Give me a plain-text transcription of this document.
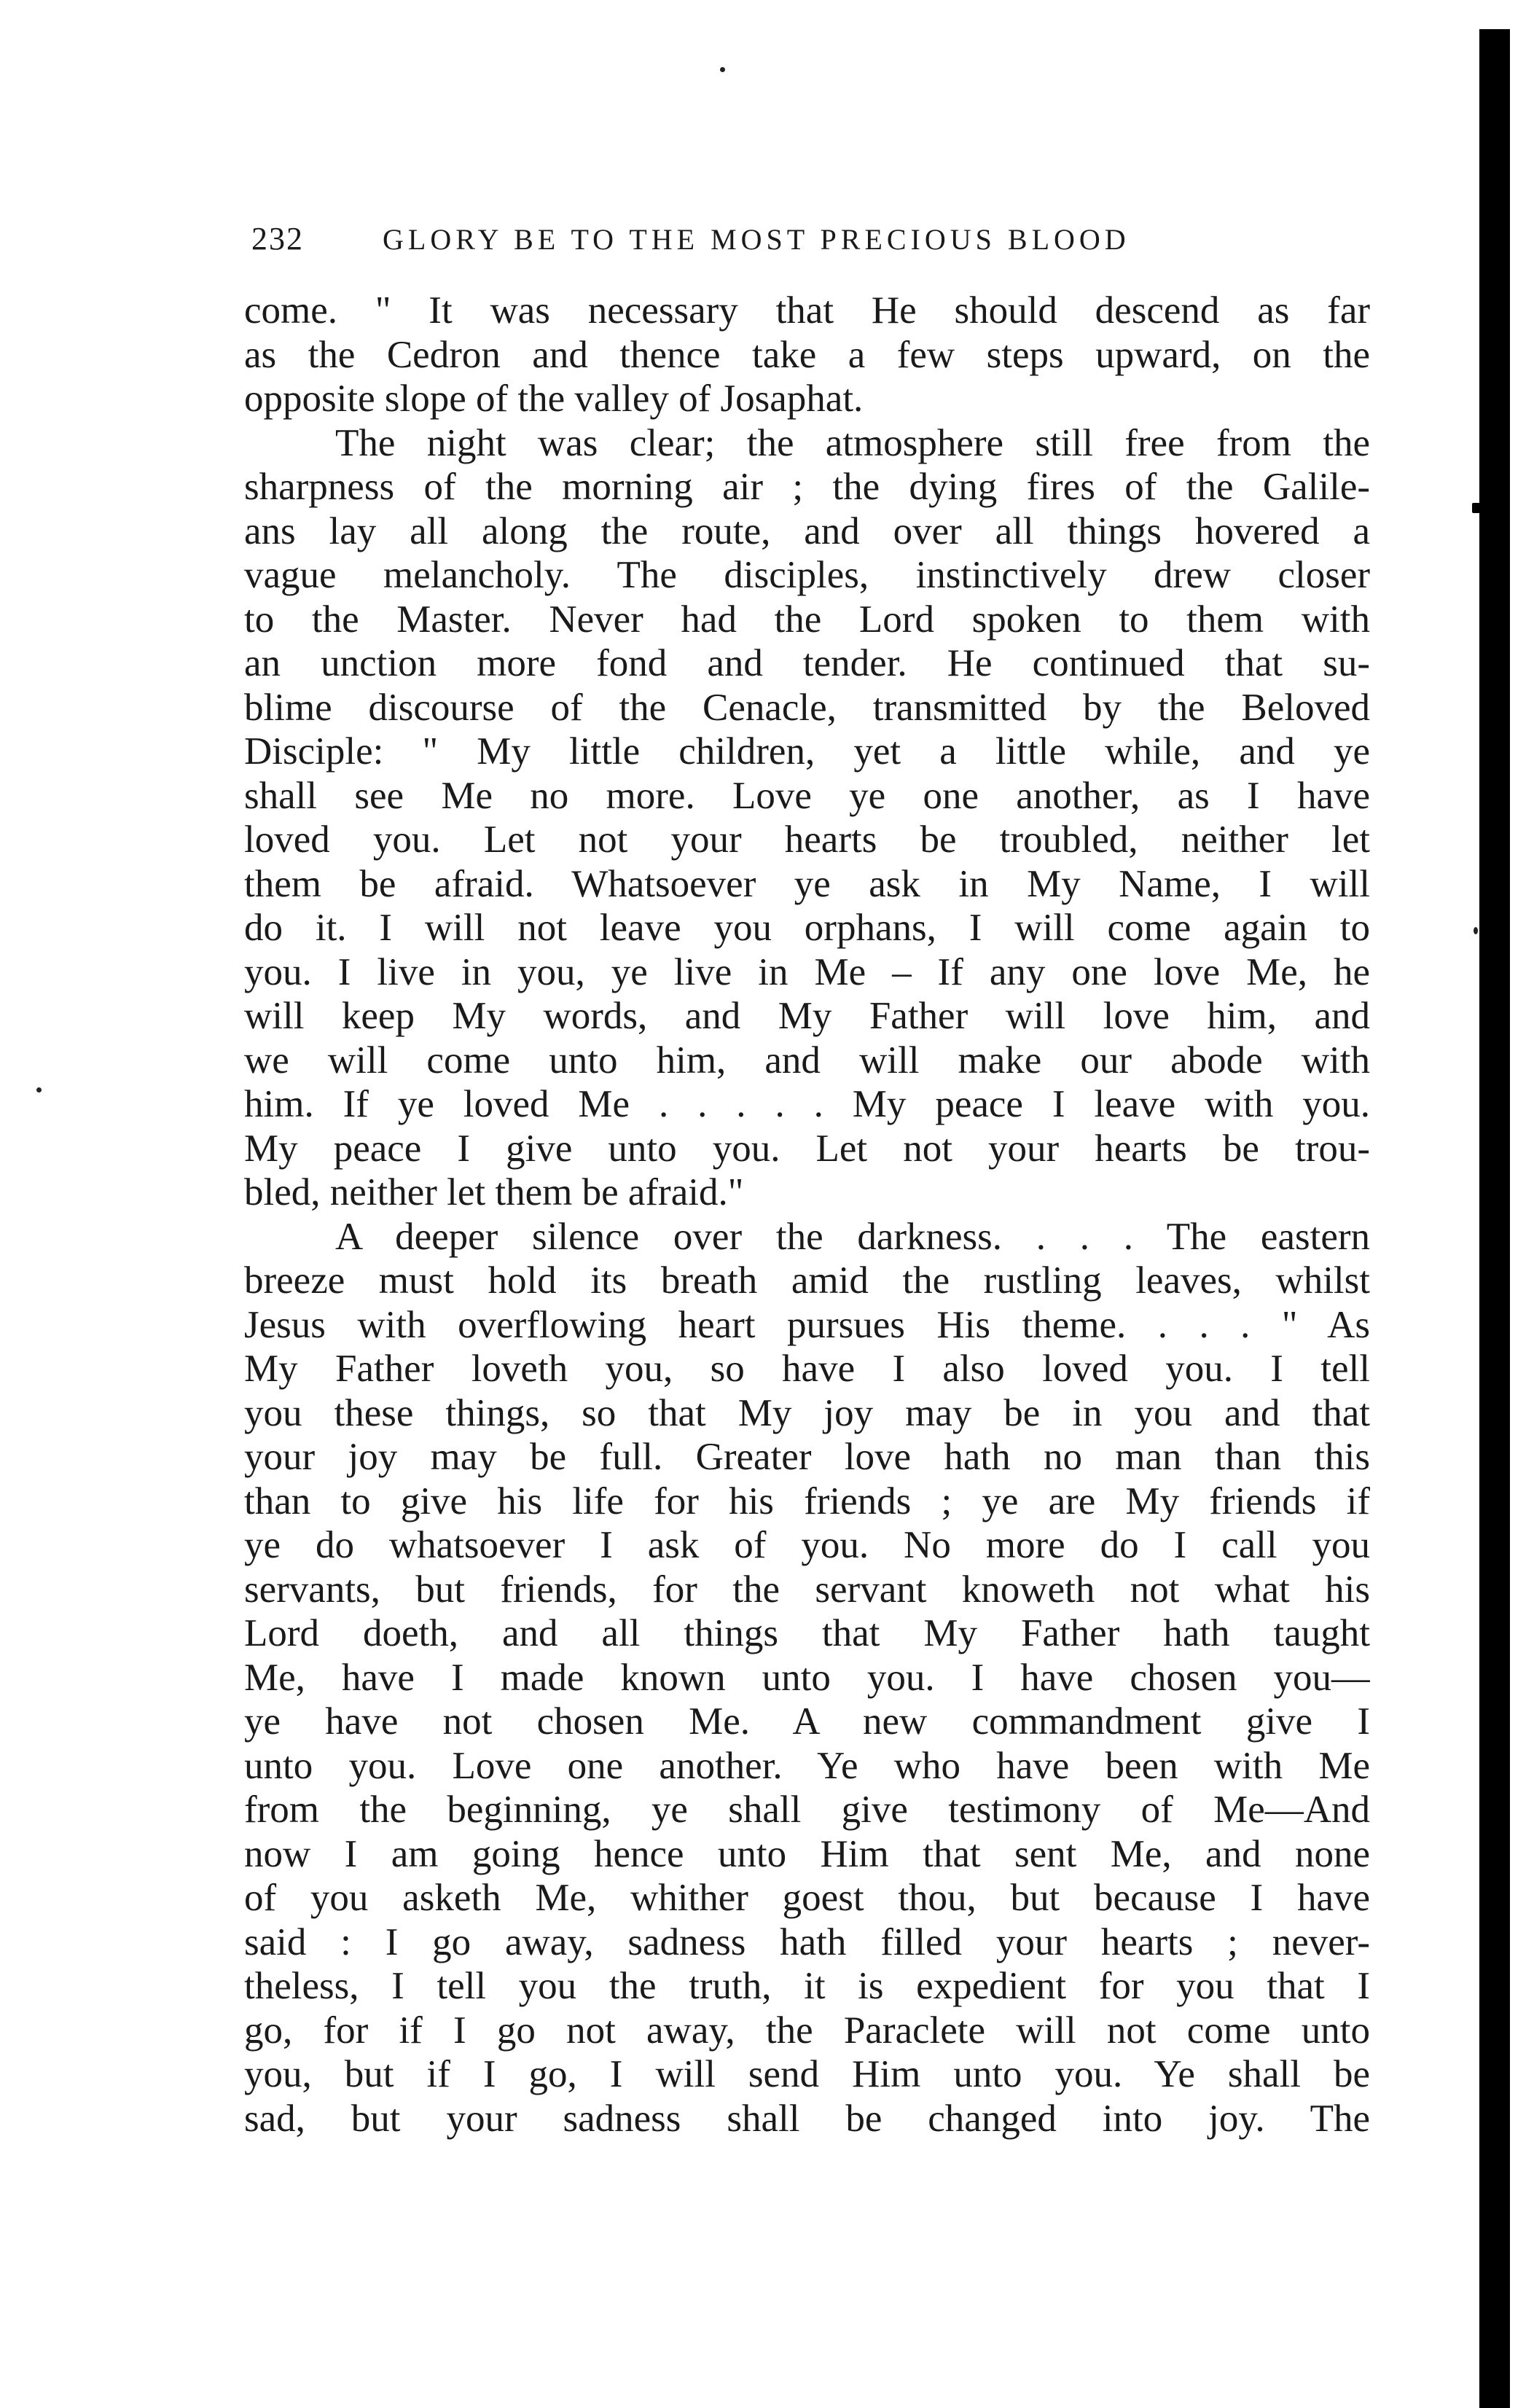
232	GLORY BE TO THE MOST PRECIOUS BLOOD
come. " It was necessary that He should descend as far
as the Cedron and thence take a few steps upward, on the
opposite slope of the valley of Josaphat.
The night was clear; the atmosphere still free from the
sharpness of the morning air ; the dying fires of the Galile-
ans lay all along the route, and over all things hovered a
vague melancholy. The disciples, instinctively drew closer
to the Master. Never had the Lord spoken to them with
an unction more fond and tender. He continued that su-
blime discourse of the Cenacle, transmitted by the Beloved
Disciple: " My little children, yet a little while, and ye
shall see Me no more. Love ye one another, as I have
loved you. Let not your hearts be troubled, neither let
them be afraid. Whatsoever ye ask in My Name, I will
do it. I will not leave you orphans, I will come again to
you. I live in you, ye live in Me – If any one love Me, he
will keep My words, and My Father will love him, and
we will come unto him, and will make our abode with
him. If ye loved Me . . . . . My peace I leave with you.
My peace I give unto you. Let not your hearts be trou-
bled, neither let them be afraid."
A deeper silence over the darkness. . . . The eastern
breeze must hold its breath amid the rustling leaves, whilst
Jesus with overflowing heart pursues His theme. . . . " As
My Father loveth you, so have I also loved you. I tell
you these things, so that My joy may be in you and that
your joy may be full. Greater love hath no man than this
than to give his life for his friends ; ye are My friends if
ye do whatsoever I ask of you. No more do I call you
servants, but friends, for the servant knoweth not what his
Lord doeth, and all things that My Father hath taught
Me, have I made known unto you. I have chosen you—
ye have not chosen Me. A new commandment give I
unto you. Love one another. Ye who have been with Me
from the beginning, ye shall give testimony of Me—And
now I am going hence unto Him that sent Me, and none
of you asketh Me, whither goest thou, but because I have
said : I go away, sadness hath filled your hearts ; never-
theless, I tell you the truth, it is expedient for you that I
go, for if I go not away, the Paraclete will not come unto
you, but if I go, I will send Him unto you. Ye shall be
sad, but your sadness shall be changed into joy. The
